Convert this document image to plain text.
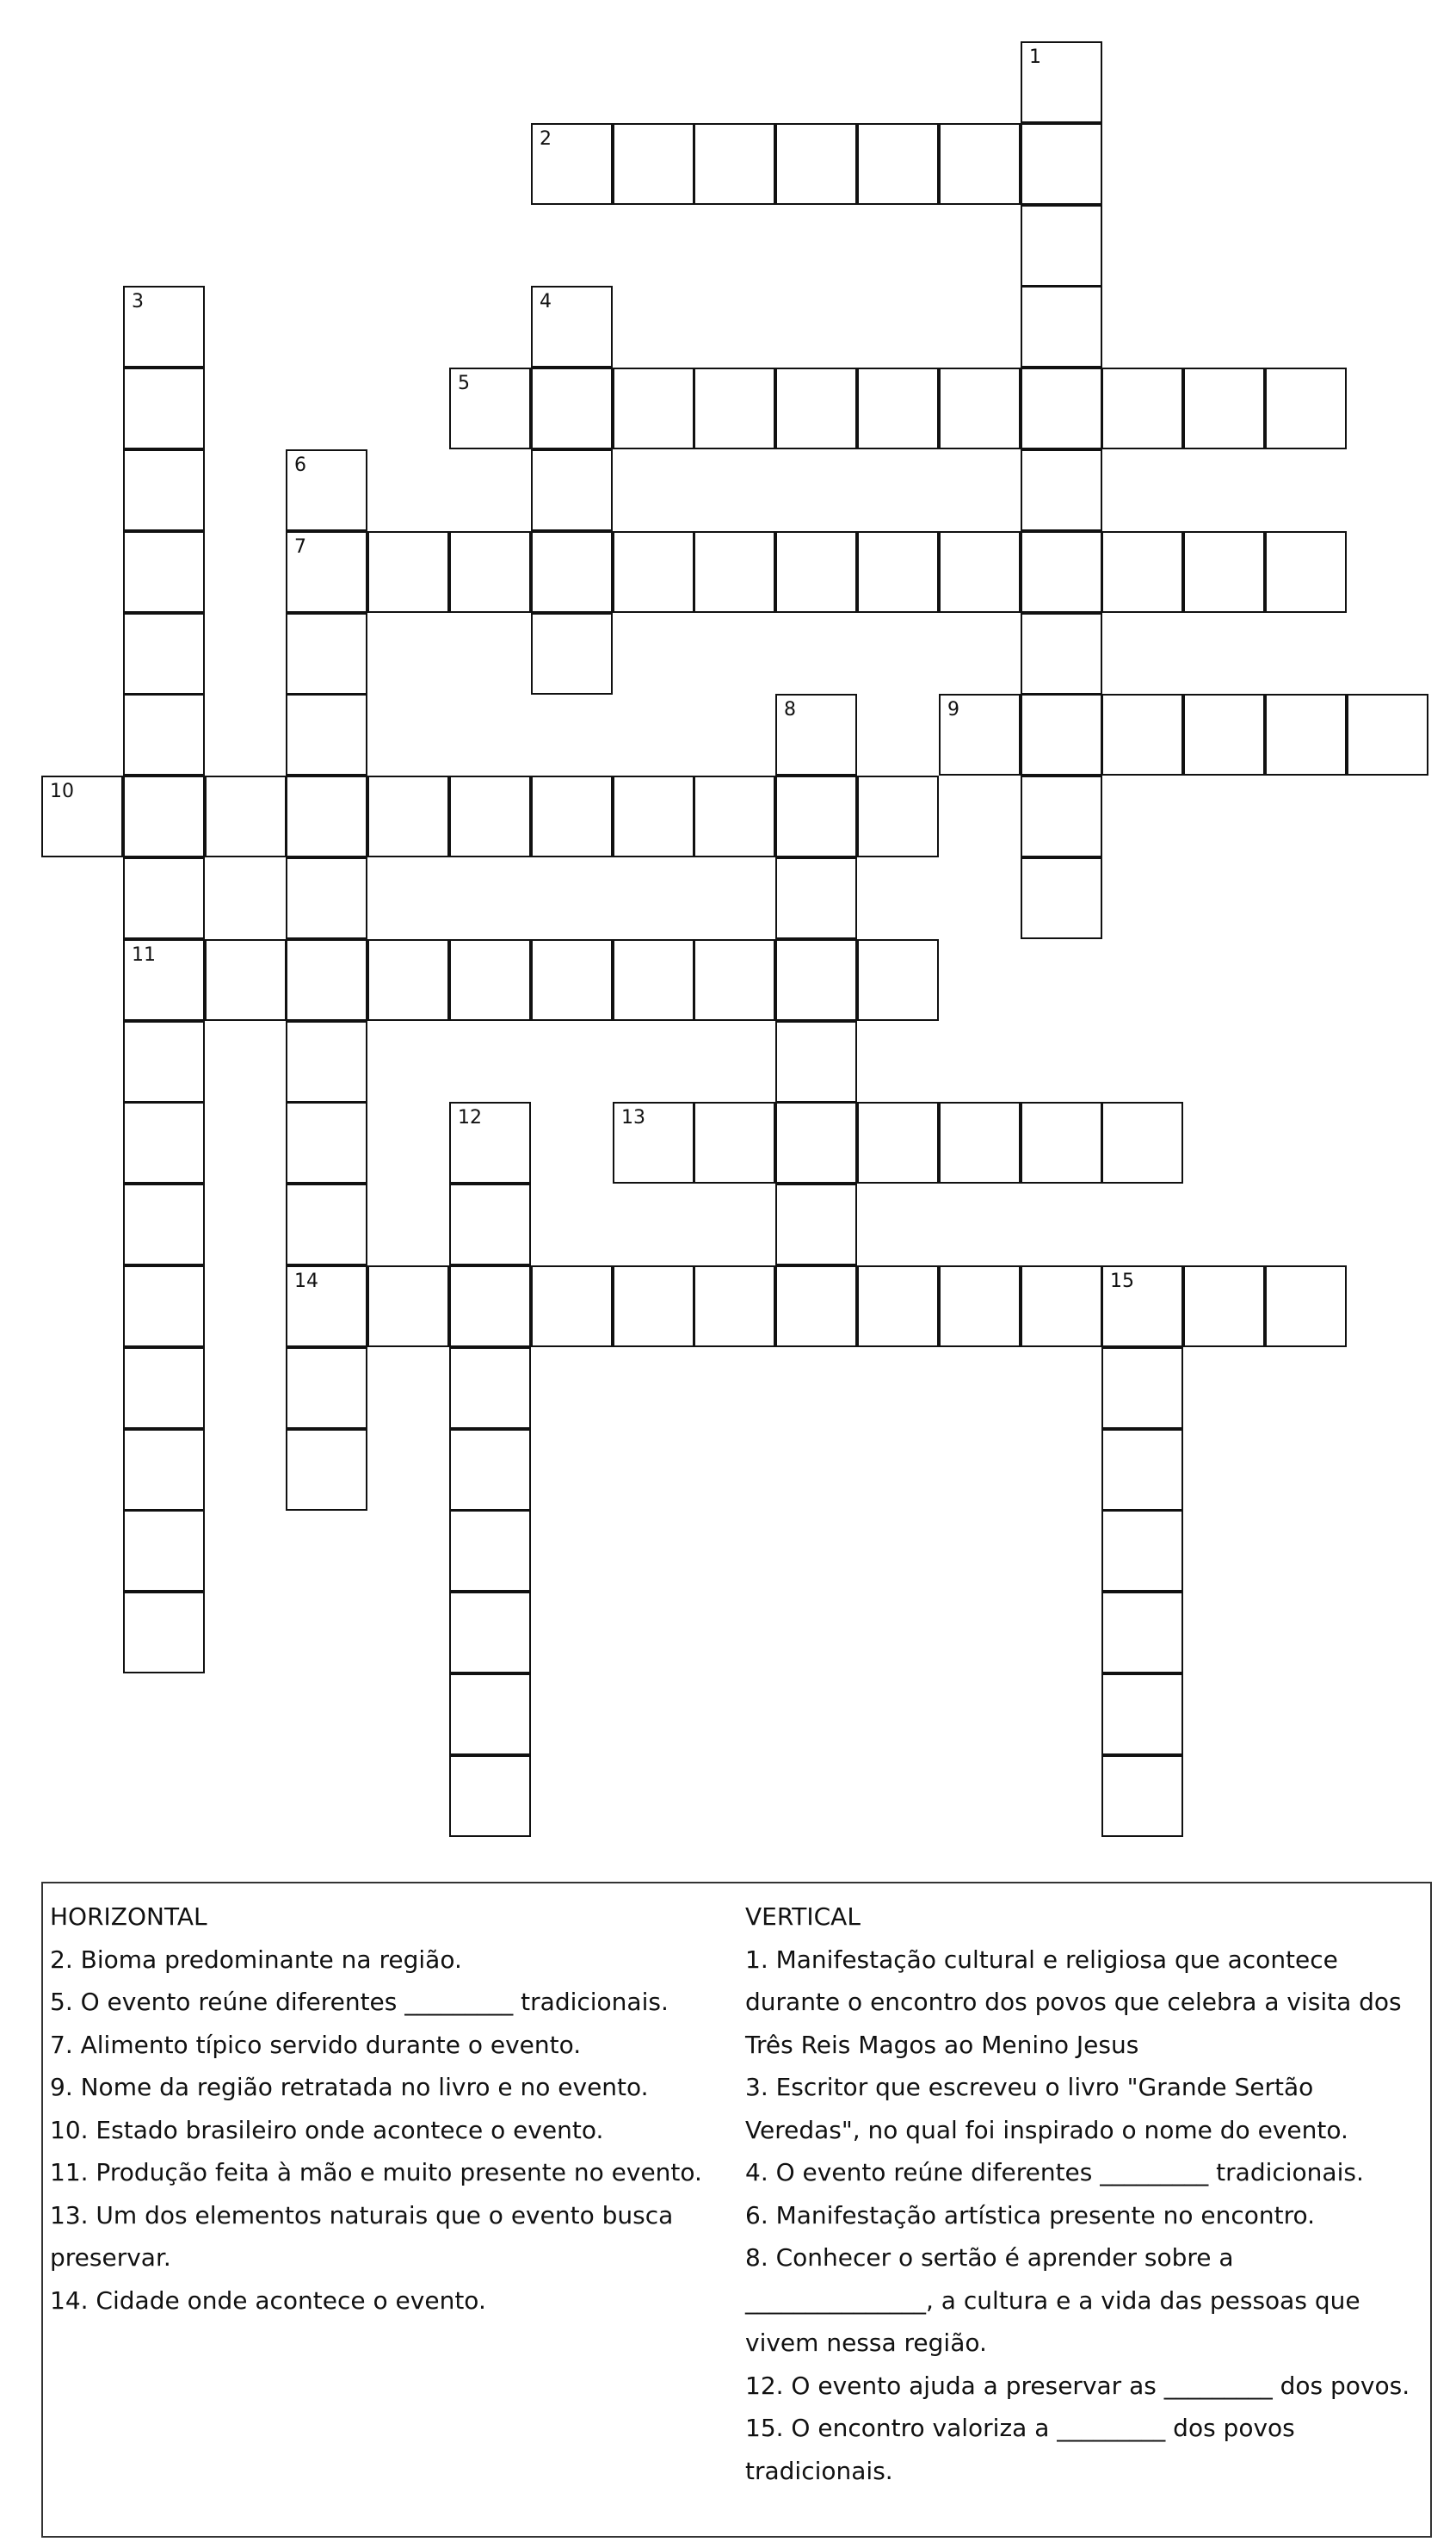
1
2
3
11
4
5
6
7
14
8	9
10
12	13
15
HORIZONTAL
2. Bioma predominante na região.
5. O evento reúne diferentes _________ tradicionais.
7. Alimento típico servido durante o evento.
9. Nome da região retratada no livro e no evento.
10. Estado brasileiro onde acontece o evento.
11. Produção feita à mão e muito presente no evento.
13. Um dos elementos naturais que o evento busca preservar.
14. Cidade onde acontece o evento.
VERTICAL
1. Manifestação cultural e religiosa que acontece durante o encontro dos povos que celebra a visita dos Três Reis Magos ao Menino Jesus
3. Escritor que escreveu o livro "Grande Sertão Veredas", no qual foi inspirado o nome do evento.
4. O evento reúne diferentes _________ tradicionais.
6. Manifestação artística presente no encontro.
8. Conhecer o sertão é aprender sobre a _______________, a cultura e a vida das pessoas que vivem nessa região.
12. O evento ajuda a preservar as _________ dos povos.
15. O encontro valoriza a _________ dos povos tradicionais.
